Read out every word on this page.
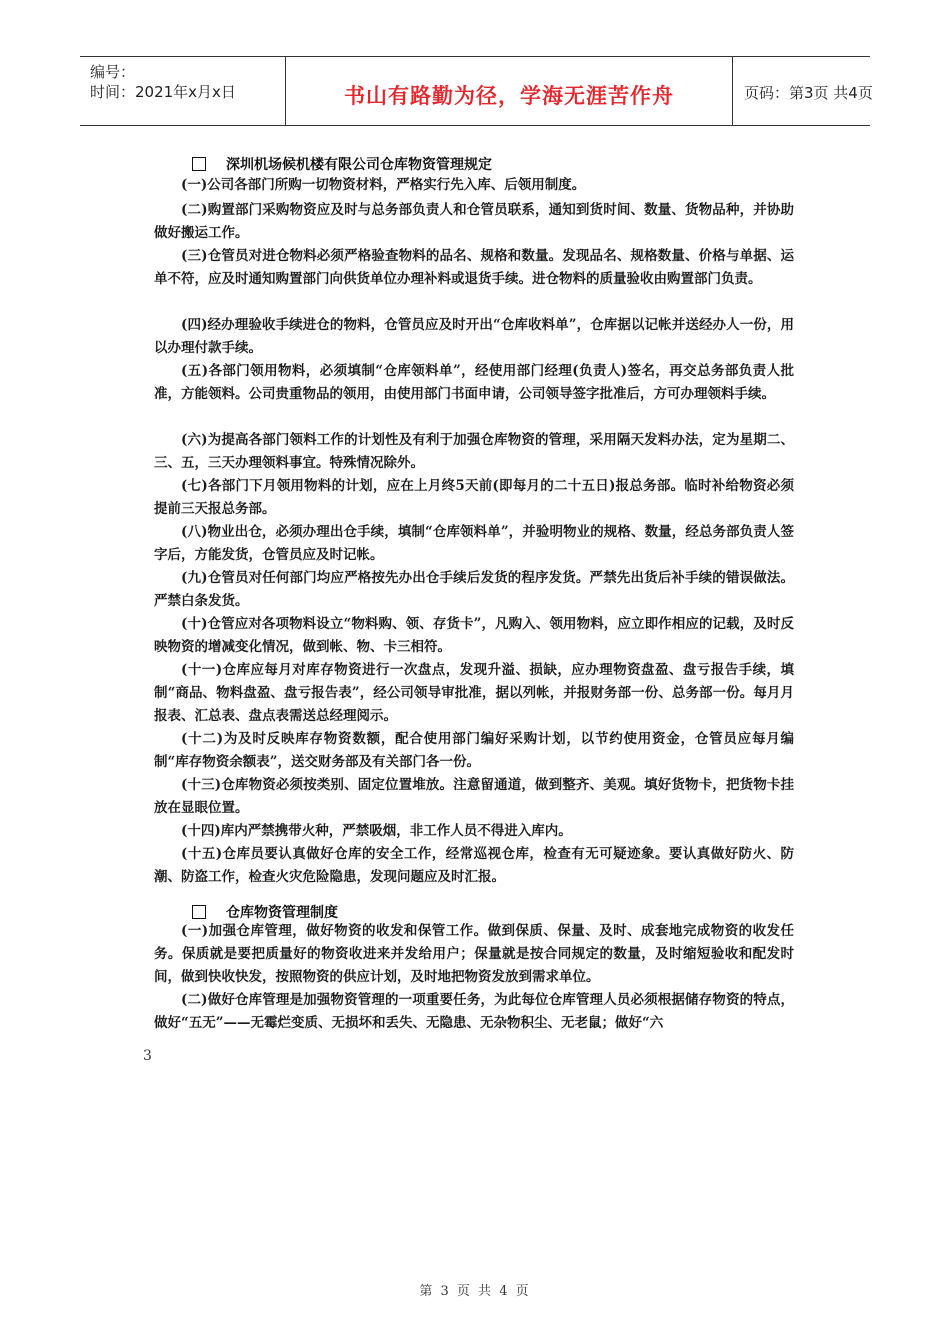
编号：
时间：2021年x月x日	书山有路勤为径，学海无涯苦作舟	页码：第3页 共4页
深圳机场候机楼有限公司仓库物资管理规定
(一)公司各部门所购一切物资材料，严格实行先入库、后领用制度。
(二)购置部门采购物资应及时与总务部负责人和仓管员联系，通知到货时间、数量、货物品种，并协助做好搬运工作。
(三)仓管员对进仓物料必须严格验查物料的品名、规格和数量。发现品名、规格数量、价格与单据、运单不符，应及时通知购置部门向供货单位办理补料或退货手续。进仓物料的质量验收由购置部门负责。
(四)经办理验收手续进仓的物料，仓管员应及时开出“仓库收料单”，仓库据以记帐并送经办人一份，用以办理付款手续。
(五)各部门领用物料，必须填制“仓库领料单”，经使用部门经理(负责人)签名，再交总务部负责人批准，方能领料。公司贵重物品的领用，由使用部门书面申请，公司领导签字批准后，方可办理领料手续。
(六)为提高各部门领料工作的计划性及有利于加强仓库物资的管理，采用隔天发料办法，定为星期二、三、五，三天办理领料事宜。特殊情况除外。
(七)各部门下月领用物料的计划，应在上月终5天前(即每月的二十五日)报总务部。临时补给物资必须提前三天报总务部。
(八)物业出仓，必须办理出仓手续，填制“仓库领料单”，并验明物业的规格、数量，经总务部负责人签字后，方能发货，仓管员应及时记帐。
(九)仓管员对任何部门均应严格按先办出仓手续后发货的程序发货。严禁先出货后补手续的错误做法。严禁白条发货。
(十)仓管应对各项物料设立“物料购、领、存货卡”，凡购入、领用物料，应立即作相应的记载，及时反映物资的增减变化情况，做到帐、物、卡三相符。
(十一)仓库应每月对库存物资进行一次盘点，发现升溢、损缺，应办理物资盘盈、盘亏报告手续，填制“商品、物料盘盈、盘亏报告表”，经公司领导审批准，据以列帐，并报财务部一份、总务部一份。每月月报表、汇总表、盘点表需送总经理阅示。
(十二)为及时反映库存物资数额，配合使用部门编好采购计划，以节约使用资金，仓管员应每月编制“库存物资余额表”，送交财务部及有关部门各一份。
(十三)仓库物资必须按类别、固定位置堆放。注意留通道，做到整齐、美观。填好货物卡，把货物卡挂放在显眼位置。
(十四)库内严禁携带火种，严禁吸烟，非工作人员不得进入库内。
(十五)仓库员要认真做好仓库的安全工作，经常巡视仓库，检查有无可疑迹象。要认真做好防火、防潮、防盗工作，检查火灾危险隐患，发现问题应及时汇报。
仓库物资管理制度
(一)加强仓库管理，做好物资的收发和保管工作。做到保质、保量、及时、成套地完成物资的收发任务。保质就是要把质量好的物资收进来并发给用户；保量就是按合同规定的数量，及时缩短验收和配发时间，做到快收快发，按照物资的供应计划，及时地把物资发放到需求单位。
(二)做好仓库管理是加强物资管理的一项重要任务，为此每位仓库管理人员必须根据储存物资的特点，做好“五无”——无霉烂变质、无损坏和丢失、无隐患、无杂物积尘、无老鼠；做好“六
3
第 3 页 共 4 页
